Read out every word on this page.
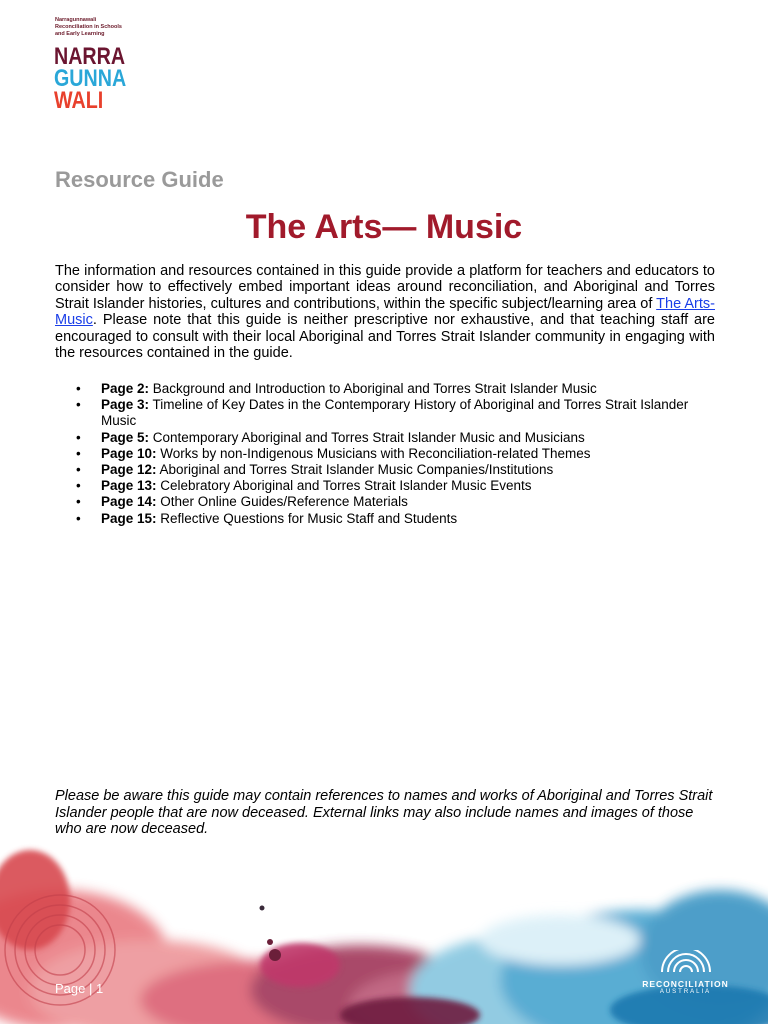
Narragunnawali
Reconciliation in Schools
and Early Learning
NARRA
GUNNA
WALI
Resource Guide
The Arts— Music
The information and resources contained in this guide provide a platform for teachers and educators to consider how to effectively embed important ideas around reconciliation, and Aboriginal and Torres Strait Islander histories, cultures and contributions, within the specific subject/learning area of The Arts- Music. Please note that this guide is neither prescriptive nor exhaustive, and that teaching staff are encouraged to consult with their local Aboriginal and Torres Strait Islander community in engaging with the resources contained in the guide.
• Page 2: Background and Introduction to Aboriginal and Torres Strait Islander Music
• Page 3: Timeline of Key Dates in the Contemporary History of Aboriginal and Torres Strait Islander Music
• Page 5: Contemporary Aboriginal and Torres Strait Islander Music and Musicians
• Page 10: Works by non-Indigenous Musicians with Reconciliation-related Themes
• Page 12: Aboriginal and Torres Strait Islander Music Companies/Institutions
• Page 13: Celebratory Aboriginal and Torres Strait Islander Music Events
• Page 14: Other Online Guides/Reference Materials
• Page 15: Reflective Questions for Music Staff and Students
Please be aware this guide may contain references to names and works of Aboriginal and Torres Strait Islander people that are now deceased. External links may also include names and images of those who are now deceased.
Page | 1	RECONCILIATION
AUSTRALIA
